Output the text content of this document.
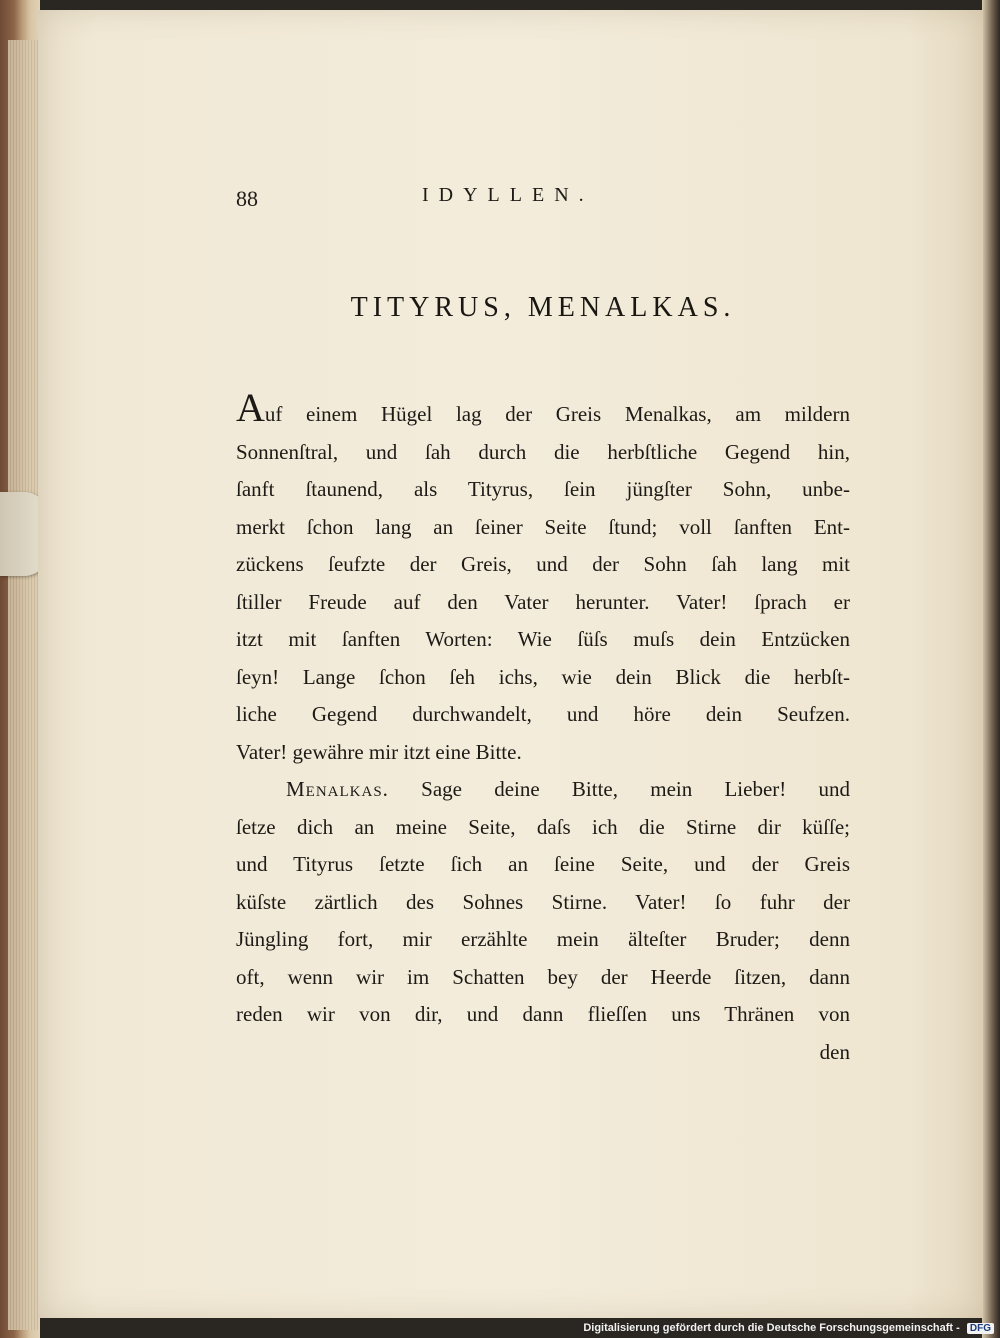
88	IDYLLEN.
TITYRUS, MENALKAS.
Auf einem Hügel lag der Greis Menalkas, am mildern
Sonnenſtral, und ſah durch die herbſtliche Gegend hin,
ſanft ſtaunend, als Tityrus, ſein jüngſter Sohn, unbe-
merkt ſchon lang an ſeiner Seite ſtund; voll ſanften Ent-
zückens ſeufzte der Greis, und der Sohn ſah lang mit
ſtiller Freude auf den Vater herunter. Vater! ſprach er
itzt mit ſanften Worten: Wie ſüſs muſs dein Entzücken
ſeyn! Lange ſchon ſeh ichs, wie dein Blick die herbſt-
liche Gegend durchwandelt, und höre dein Seufzen.
Vater! gewähre mir itzt eine Bitte.
Menalkas. Sage deine Bitte, mein Lieber! und
ſetze dich an meine Seite, daſs ich die Stirne dir küſſe;
und Tityrus ſetzte ſich an ſeine Seite, und der Greis
küſste zärtlich des Sohnes Stirne. Vater! ſo fuhr der
Jüngling fort, mir erzählte mein älteſter Bruder; denn
oft, wenn wir im Schatten bey der Heerde ſitzen, dann
reden wir von dir, und dann flieſſen uns Thränen von
den
Digitalisierung gefördert durch die Deutsche Forschungsgemeinschaft - DFG
